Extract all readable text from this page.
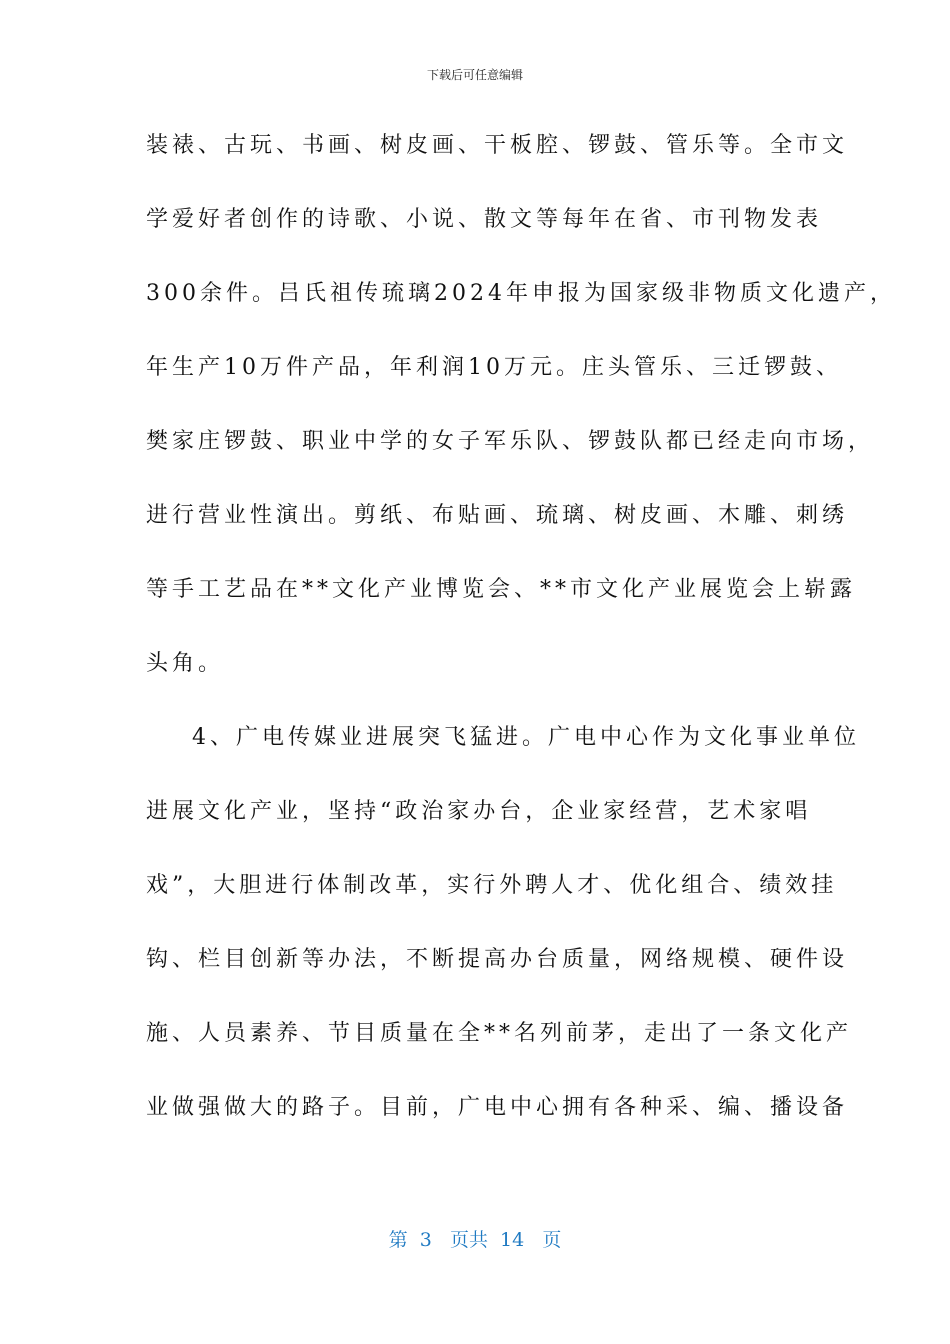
下载后可任意编辑
装裱、古玩、书画、树皮画、干板腔、锣鼓、管乐等。全市文
学爱好者创作的诗歌、小说、散文等每年在省、市刊物发表
300余件。吕氏祖传琉璃2024年申报为国家级非物质文化遗产，
年生产10万件产品，年利润10万元。庄头管乐、三迁锣鼓、
樊家庄锣鼓、职业中学的女子军乐队、锣鼓队都已经走向市场，
进行营业性演出。剪纸、布贴画、琉璃、树皮画、木雕、刺绣
等手工艺品在**文化产业博览会、**市文化产业展览会上崭露
头角。
4、广电传媒业进展突飞猛进。广电中心作为文化事业单位
进展文化产业，坚持“政治家办台，企业家经营，艺术家唱
戏”，大胆进行体制改革，实行外聘人才、优化组合、绩效挂
钩、栏目创新等办法，不断提高办台质量，网络规模、硬件设
施、人员素养、节目质量在全**名列前茅，走出了一条文化产
业做强做大的路子。目前，广电中心拥有各种采、编、播设备
第  3   页共  14   页
